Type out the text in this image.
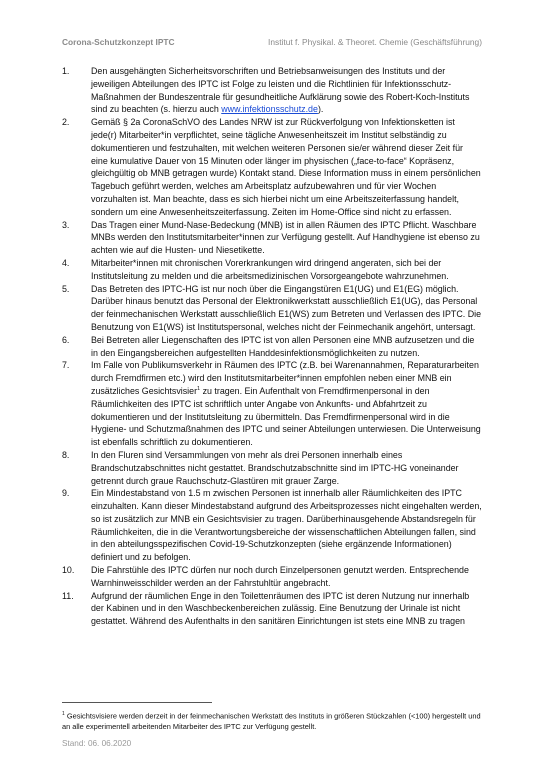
Corona-Schutzkonzept IPTC	Institut f. Physikal. & Theoret. Chemie (Geschäftsführung)
1. Den ausgehängten Sicherheitsvorschriften und Betriebsanweisungen des Instituts und der jeweiligen Abteilungen des IPTC ist Folge zu leisten und die Richtlinien für Infektionsschutz-Maßnahmen der Bundeszentrale für gesundheitliche Aufklärung sowie des Robert-Koch-Instituts sind zu beachten (s. hierzu auch www.infektionsschutz.de).
2. Gemäß § 2a CoronaSchVO des Landes NRW ist zur Rückverfolgung von Infektionsketten ist jede(r) Mitarbeiter*in verpflichtet, seine tägliche Anwesenheitszeit im Institut selbständig zu dokumentieren und festzuhalten, mit welchen weiteren Personen sie/er während dieser Zeit für eine kumulative Dauer von 15 Minuten oder länger im physischen („face-to-face“ Kopräsenz, gleichgültig ob MNB getragen wurde) Kontakt stand. Diese Information muss in einem persönlichen Tagebuch geführt werden, welches am Arbeitsplatz aufzubewahren und für vier Wochen vorzuhalten ist. Man beachte, dass es sich hierbei nicht um eine Arbeitszeiterfassung handelt, sondern um eine Anwesenheitszeiterfassung. Zeiten im Home-Office sind nicht zu erfassen.
3. Das Tragen einer Mund-Nase-Bedeckung (MNB) ist in allen Räumen des IPTC Pflicht. Waschbare MNBs werden den Institutsmitarbeiter*innen zur Verfügung gestellt. Auf Handhygiene ist ebenso zu achten wie auf die Husten- und Niesetikette.
4. Mitarbeiter*innen mit chronischen Vorerkrankungen wird dringend angeraten, sich bei der Institutsleitung zu melden und die arbeitsmedizinischen Vorsorgeangebote wahrzunehmen.
5. Das Betreten des IPTC-HG ist nur noch über die Eingangstüren E1(UG) und E1(EG) möglich. Darüber hinaus benutzt das Personal der Elektronikwerkstatt ausschließlich E1(UG), das Personal der feinmechanischen Werkstatt ausschließlich E1(WS) zum Betreten und Verlassen des IPTC. Die Benutzung von E1(WS) ist Institutspersonal, welches nicht der Feinmechanik angehört, untersagt.
6. Bei Betreten aller Liegenschaften des IPTC ist von allen Personen eine MNB aufzusetzen und die in den Eingangsbereichen aufgestellten Handdesinfektionsmöglichkeiten zu nutzen.
7. Im Falle von Publikumsverkehr in Räumen des IPTC (z.B. bei Warenannahmen, Reparaturarbeiten durch Fremdfirmen etc.) wird den Institutsmitarbeiter*innen empfohlen neben einer MNB ein zusätzliches Gesichtsvisier$^1$ zu tragen. Ein Aufenthalt von Fremdfirmenpersonal in den Räumlichkeiten des IPTC ist schriftlich unter Angabe von Ankunfts- und Abfahrtzeit zu dokumentieren und der Institutsleitung zu übermitteln. Das Fremdfirmenpersonal wird in die Hygiene- und Schutzmaßnahmen des IPTC und seiner Abteilungen unterwiesen. Die Unterweisung ist ebenfalls schriftlich zu dokumentieren.
8. In den Fluren sind Versammlungen von mehr als drei Personen innerhalb eines Brandschutzabschnittes nicht gestattet. Brandschutzabschnitte sind im IPTC-HG voneinander getrennt durch graue Rauchschutz-Glastüren mit grauer Zarge.
9. Ein Mindestabstand von 1.5 m zwischen Personen ist innerhalb aller Räumlichkeiten des IPTC einzuhalten. Kann dieser Mindestabstand aufgrund des Arbeitsprozesses nicht eingehalten werden, so ist zusätzlich zur MNB ein Gesichtsvisier zu tragen. Darüberhinausgehende Abstandsregeln für Räumlichkeiten, die in die Verantwortungsbereiche der wissenschaftlichen Abteilungen fallen, sind in den abteilungsspezifischen Covid-19-Schutzkonzepten (siehe ergänzende Informationen) definiert und zu befolgen.
10. Die Fahrstühle des IPTC dürfen nur noch durch Einzelpersonen genutzt werden. Entsprechende Warnhinweisschilder werden an der Fahrstuhltür angebracht.
11. Aufgrund der räumlichen Enge in den Toilettenräumen des IPTC ist deren Nutzung nur innerhalb der Kabinen und in den Waschbeckenbereichen zulässig. Eine Benutzung der Urinale ist nicht gestattet. Während des Aufenthalts in den sanitären Einrichtungen ist stets eine MNB zu tragen
$^1$ Gesichtsvisiere werden derzeit in der feinmechanischen Werkstatt des Instituts in größeren Stückzahlen (<100) hergestellt und an alle experimentell arbeitenden Mitarbeiter des IPTC zur Verfügung gestellt.
Stand: 06. 06.2020
